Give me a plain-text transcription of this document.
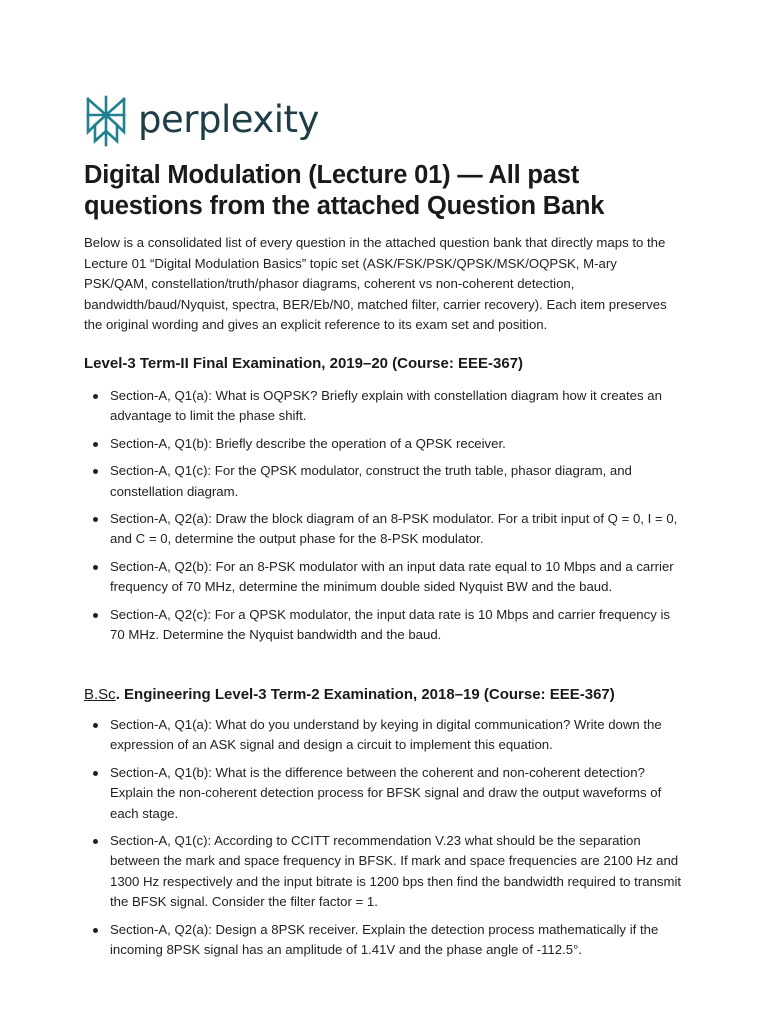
perplexity
Digital Modulation (Lecture 01) — All past questions from the attached Question Bank

Below is a consolidated list of every question in the attached question bank that directly maps to the Lecture 01 “Digital Modulation Basics” topic set (ASK/FSK/PSK/QPSK/MSK/OQPSK, M-ary PSK/QAM, constellation/truth/phasor diagrams, coherent vs non-coherent detection, bandwidth/baud/Nyquist, spectra, BER/Eb/N0, matched filter, carrier recovery). Each item preserves the original wording and gives an explicit reference to its exam set and position.

Level-3 Term-II Final Examination, 2019–20 (Course: EEE-367)
Section-A, Q1(a): What is OQPSK? Briefly explain with constellation diagram how it creates an advantage to limit the phase shift.
Section-A, Q1(b): Briefly describe the operation of a QPSK receiver.
Section-A, Q1(c): For the QPSK modulator, construct the truth table, phasor diagram, and constellation diagram.
Section-A, Q2(a): Draw the block diagram of an 8-PSK modulator. For a tribit input of Q = 0, I = 0, and C = 0, determine the output phase for the 8-PSK modulator.
Section-A, Q2(b): For an 8-PSK modulator with an input data rate equal to 10 Mbps and a carrier frequency of 70 MHz, determine the minimum double sided Nyquist BW and the baud.
Section-A, Q2(c): For a QPSK modulator, the input data rate is 10 Mbps and carrier frequency is 70 MHz. Determine the Nyquist bandwidth and the baud.
B.Sc. Engineering Level-3 Term-2 Examination, 2018–19 (Course: EEE-367)
Section-A, Q1(a): What do you understand by keying in digital communication? Write down the expression of an ASK signal and design a circuit to implement this equation.
Section-A, Q1(b): What is the difference between the coherent and non-coherent detection? Explain the non-coherent detection process for BFSK signal and draw the output waveforms of each stage.
Section-A, Q1(c): According to CCITT recommendation V.23 what should be the separation between the mark and space frequency in BFSK. If mark and space frequencies are 2100 Hz and 1300 Hz respectively and the input bitrate is 1200 bps then find the bandwidth required to transmit the BFSK signal. Consider the filter factor = 1.
Section-A, Q2(a): Design a 8PSK receiver. Explain the detection process mathematically if the incoming 8PSK signal has an amplitude of 1.41V and the phase angle of -112.5°.
